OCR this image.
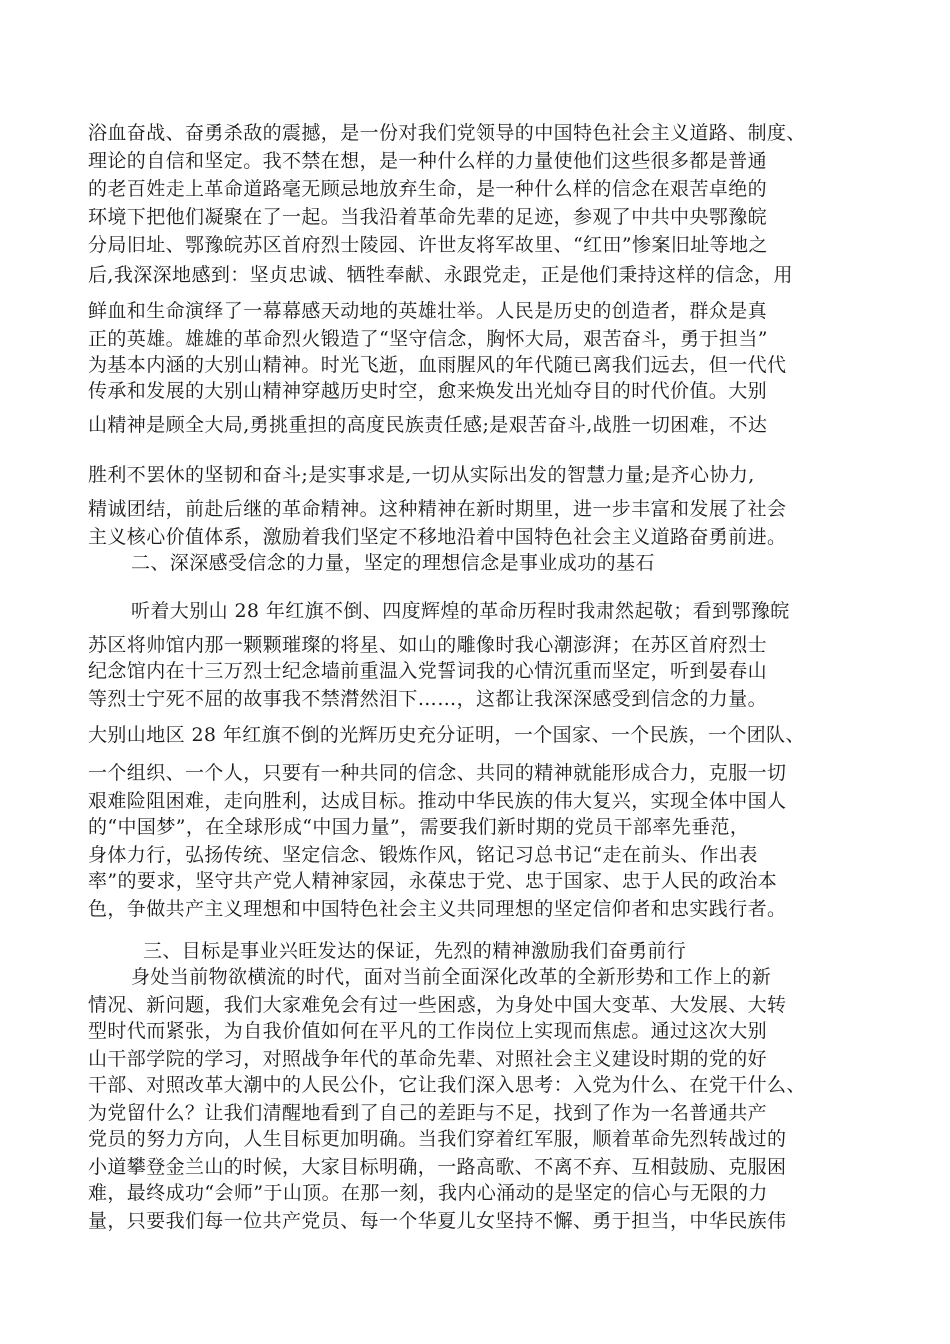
浴血奋战、奋勇杀敌的震撼，是一份对我们党领导的中国特色社会主义道路、制度、

理论的自信和坚定。我不禁在想，是一种什么样的力量使他们这些很多都是普通

的老百姓走上革命道路毫无顾忌地放弃生命，是一种什么样的信念在艰苦卓绝的

环境下把他们凝聚在了一起。当我沿着革命先辈的足迹，参观了中共中央鄂豫皖

分局旧址、鄂豫皖苏区首府烈士陵园、许世友将军故里、“红田”惨案旧址等地之

后,我深深地感到：坚贞忠诚、牺牲奉献、永跟党走，正是他们秉持这样的信念，用

鲜血和生命演绎了一幕幕感天动地的英雄壮举。人民是历史的创造者，群众是真

正的英雄。雄雄的革命烈火锻造了“坚守信念，胸怀大局，艰苦奋斗，勇于担当”

为基本内涵的大别山精神。时光飞逝，血雨腥风的年代随已离我们远去，但一代代

传承和发展的大别山精神穿越历史时空，愈来焕发出光灿夺目的时代价值。大别

山精神是顾全大局,勇挑重担的高度民族责任感;是艰苦奋斗,战胜一切困难，不达

胜利不罢休的坚韧和奋斗;是实事求是,一切从实际出发的智慧力量;是齐心协力,

精诚团结，前赴后继的革命精神。这种精神在新时期里，进一步丰富和发展了社会

主义核心价值体系，激励着我们坚定不移地沿着中国特色社会主义道路奋勇前进。

二、深深感受信念的力量，坚定的理想信念是事业成功的基石

听着大别山 28 年红旗不倒、四度辉煌的革命历程时我肃然起敬；看到鄂豫皖

苏区将帅馆内那一颗颗璀璨的将星、如山的雕像时我心潮澎湃；在苏区首府烈士

纪念馆内在十三万烈士纪念墙前重温入党誓词我的心情沉重而坚定，听到晏春山

等烈士宁死不屈的故事我不禁潸然泪下……，这都让我深深感受到信念的力量。

大别山地区 28 年红旗不倒的光辉历史充分证明，一个国家、一个民族，一个团队、

一个组织、一个人，只要有一种共同的信念、共同的精神就能形成合力，克服一切

艰难险阻困难，走向胜利，达成目标。推动中华民族的伟大复兴，实现全体中国人

的“中国梦”，在全球形成“中国力量”，需要我们新时期的党员干部率先垂范，

身体力行，弘扬传统、坚定信念、锻炼作风，铭记习总书记“走在前头、作出表

率”的要求，坚守共产党人精神家园，永葆忠于党、忠于国家、忠于人民的政治本

色，争做共产主义理想和中国特色社会主义共同理想的坚定信仰者和忠实践行者。

三、目标是事业兴旺发达的保证，先烈的精神激励我们奋勇前行

身处当前物欲横流的时代，面对当前全面深化改革的全新形势和工作上的新

情况、新问题，我们大家难免会有过一些困惑，为身处中国大变革、大发展、大转

型时代而紧张，为自我价值如何在平凡的工作岗位上实现而焦虑。通过这次大别

山干部学院的学习，对照战争年代的革命先辈、对照社会主义建设时期的党的好

干部、对照改革大潮中的人民公仆，它让我们深入思考：入党为什么、在党干什么、

为党留什么？让我们清醒地看到了自己的差距与不足，找到了作为一名普通共产

党员的努力方向，人生目标更加明确。当我们穿着红军服，顺着革命先烈转战过的

小道攀登金兰山的时候，大家目标明确，一路高歌、不离不弃、互相鼓励、克服困

难，最终成功“会师”于山顶。在那一刻，我内心涌动的是坚定的信心与无限的力

量，只要我们每一位共产党员、每一个华夏儿女坚持不懈、勇于担当，中华民族伟
